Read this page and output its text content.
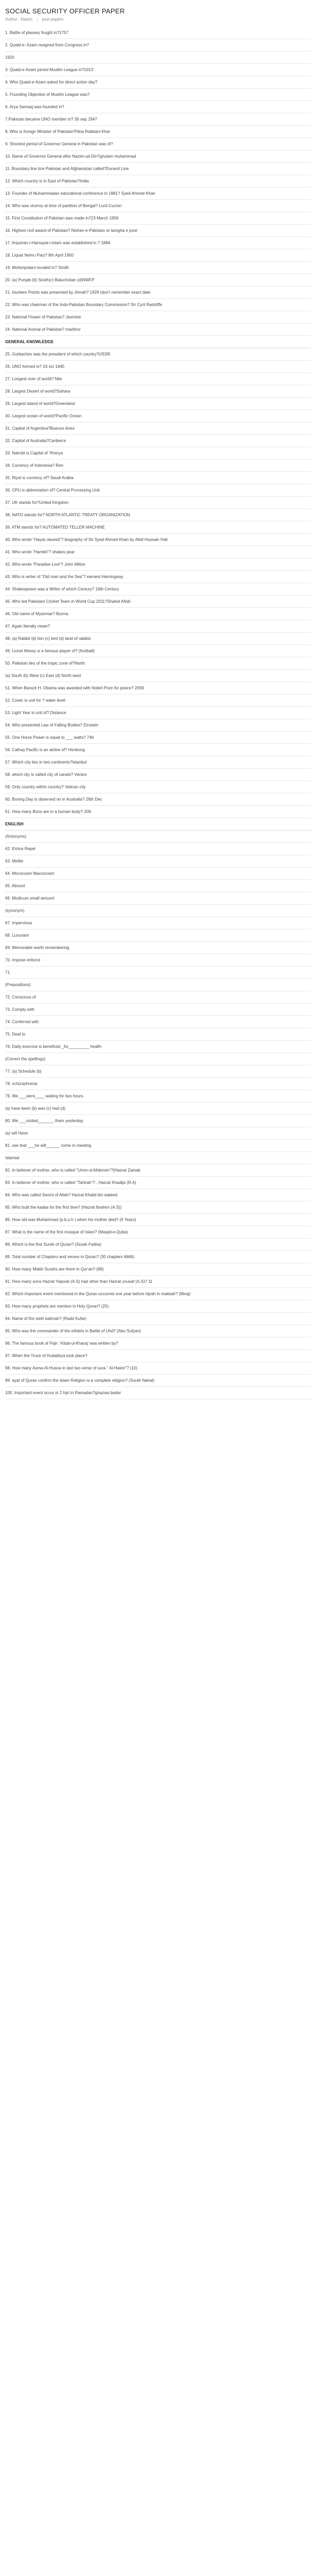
SOCIAL SECURITY OFFICER PAPER
Author : Nasim | past papers
1. Battle of plassey fought in?1757
2. Quaid-e- Azam resigned from Congress in?
1920
3. Quaid-e-Azam joined Muslim League in?1913
4. Who Quaid-e-Azam asked for direct action day?
5. Founding Objective of Muslim League was?
6. Arya Samaaj was founded in?
7.Pakistan became UNO member in? 30 sep 1947
8. Who is foreign Minister of Pakistan?Hina Rabbani Khar
9. Shortest period of Governor General in Pakistan was of?
10. Name of Governor General after Nazim-ud-Din?ghulam muhammad
11. Boundary line b/w Pakistan and Afghanistan called?Durand Line
12. Which country is in East of Pakistan?India
13. Founder of Muhammadan educational conference in 1881? Syed Ahmed Khan
14. Who was viceroy at time of partition of Bengal? Lord Curzon
15. First Constitution of Pakistan was made in?23 March 1956
16. Highest civil award of Pakistan? Nishan-e-Pakistan or tamgha e jurat
17. Anjuman-i-Hamayat-i-Islam was established in ? 1884
18. Liquat Nehru Pact? 8th April 1950
19. Mohenjodaro located in? Sindh
20. (a) Punjab (b) Sindh(c) Baluchistan (d)NWFP
21. fourteen Points was presented by Jinnah? 1929 (don't remember exact date
22. Who was chairman of the Indo-Pakistan Boundary Commission? Sir Cyril Radcliffe
23. National Flower of Pakistan? Jasmine
24. National Animal of Pakistan? markhor
GENERAL KNOWLEDGE
25. Gorbachev was the president of which country?USSR
26. UNO formed in? 24 oct 1945
27. Longest river of world? Nile
28. Largest Desert of world?Sahara
29. Largest island of world?Greenland
30. Largest ocean of world?Pacific Ocean
31. Capital of Argentina?Buenos Aires
32. Capital of Australia?Canberra
33. Nairobi is Capital of ?Kenya
34. Currency of Indonesia? Ren
35. Riyal is currency of? Saudi Arabia
36. CPU is abbreviation of? Central Processing Unit
37. UK stands for?United Kingdom
38. NATO stands for? NORTH ATLANTIC TREATY ORGANIZATION
39. ATM stands for? AUTOMATED TELLER MACHINE
40. Who wrote "Hayat-Javeed"? biography of Sir Syed Ahmed Khan by Altaf Hussain Hali
41. Who wrote "Hamlet"? shakes pear
42. Who wrote "Paradise Lost"? John Milton
43. Who is writer of "Old man and the Sea"? earnest Hemingway
44. Shakespeare was a Writer of which Century? 16th Century
45. Who led Pakistani Cricket Team in World Cup 2011?Shahid Afridi
46. Old name of Myanmar? Burma
47. Again literally mean?
48. (a) Rabbit (b) lion (c) bird (d) land of rabbits
49. Lionel Messy is a famous player of? (football)
50. Pakistan lies of the tropic zone of?North
(a) South (b) West (c) East (d) North west
51. When Barack H. Obama was awarded with Nobel Prize for peace? 2009
52. Cowic is unit for ? water level
53. Light Year is unit of? Distance
54. Who presented Law of Falling Bodies? Einstein
55. One Horse Power is equal to ___ watts? 746
56. Cathay Pacific is an airline of? Honkong
57. Which city lies in two continents?Istanbul
58. which city is called city of canals? Venice
59. Only country within country? Vatican city
60. Boxing Day is observed on in Australia? 26th Dec
61. How many Bons are in a human body? 206
ENGLISH
(Antonyms)
62. Entice Repel
63. Mettle
64. Microcosm Macrocosm
65. Absurd
66. Modicum small amount
(synonym)
67. Impervious
68. Luxuriant
69. Memorable worth remembering
70. Impose enforce
71.
(Prepositions)
72. Conscious of
73. Comply with
74. Conferred with
75. Deaf to
76. Daily exercise is beneficial _for_________ health
(Correct the spellings)
77. (a) Schedule (b)
78. schizophrenia
79. We ___were____ waiting for two hours.
(a) have been (b) was (c) had (d)
80. We ___visited_______ them yesterday.
(a) will Have
81. see that ___he will______ come in meeting
Islamiat
82. In believer of mother, who is called "Umm-ul-Mokmen"?(Hazrat Zainab
83. In believer of mother, who is called "Tahirah"? , Hazrat Khadija (R.A)
84. Who was called Sword of Allah? Hazrat Khalid bin waleed
85. Who built the kaaba for the first time? (Hazrat Ibrahim (A.S))
86. How old was Muhammad (p.b.u.h ) when his mother died? (6 Years)
87. What is the name of the first mosque of Islam? (Masjid-e-Quba)
88. Which is the first Surah of Quran? (Surah Fatiha)
89. Total number of Chapters and verses in Quran? (30 chapters 6666)
90. How many Makki Surahs are there in Qur'an? (86)
91. How many sons Hazrat Yaqoob (A.S) had other than Hazrat yousaf (A.S)? 11
92. Which important event mentioned in the Quran occurred one year before hijrah in makkah? (Miraj)
93. How many prophets are mention in Holy Quran? (25)
94. Name of the sixth kalimah? (Radd Kufar)
95. Who was the commander of the infidels in Battle of Uhd? (Abu Sufyan)
96. The famous book of Fiqh ' Kitab-ul-Kharaj' was written by?
97. When the Truce of Hudaibiya took place?
98. How many Asma-Al-Husna in last two verse of sura " Al-Hashr"? (10)
99. ayat of Quran confirm the Islam Religion is a complete religion? (Surah Nahal)
100. Important event occur in 2 hijri in Ramadan?ghazwa badar
